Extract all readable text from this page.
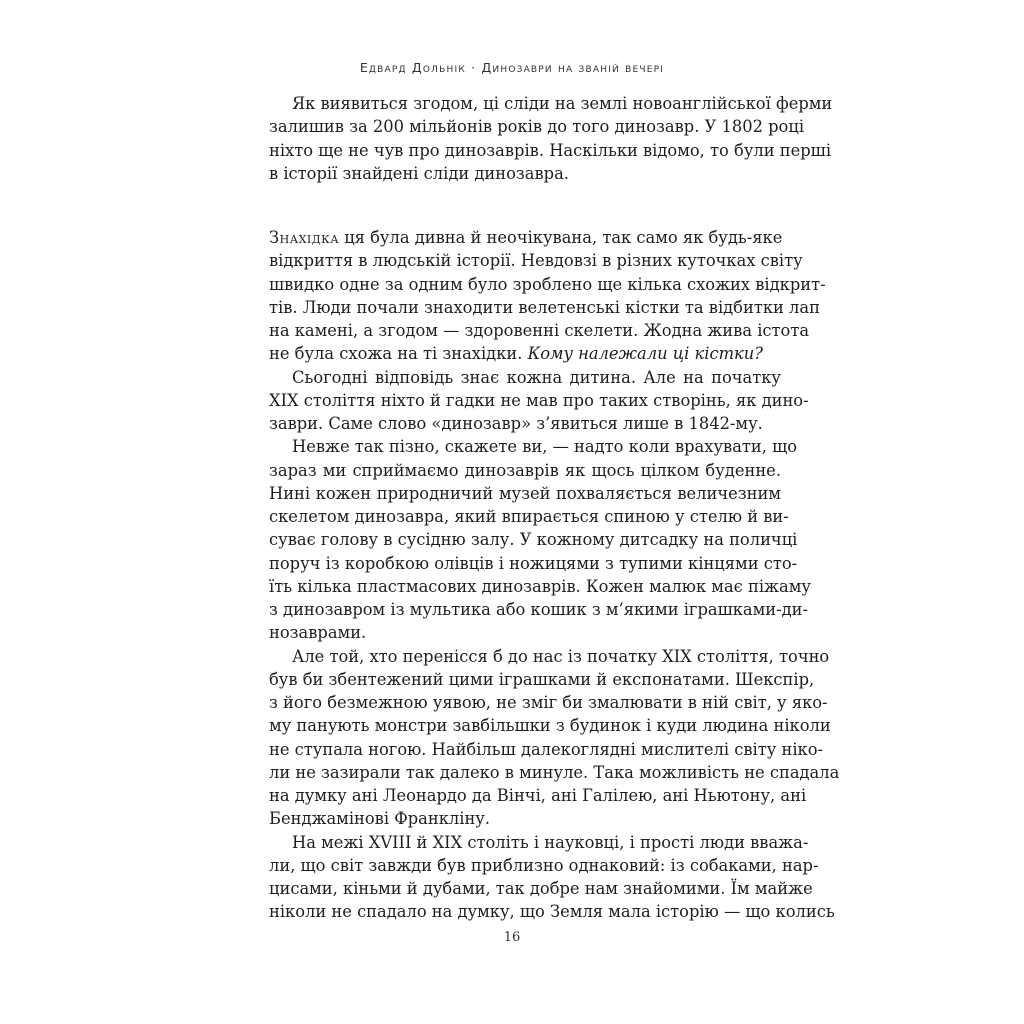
Едвард Дольнік · Динозаври на званій вечері
Як виявиться згодом, ці сліди на землі новоанглійської ферми
залишив за 200 мільйонів років до того динозавр. У 1802 році
ніхто ще не чув про динозаврів. Наскільки відомо, то були перші
в історії знайдені сліди динозавра.
Знахідка ця була дивна й неочікувана, так само як будь-яке
відкриття в людській історії. Невдовзі в різних куточках світу
швидко одне за одним було зроблено ще кілька схожих відкрит-
тів. Люди почали знаходити велетенські кістки та відбитки лап
на камені, а згодом — здоровенні скелети. Жодна жива істота
не була схожа на ті знахідки. Кому належали ці кістки?
Сьогодні відповідь знає кожна дитина. Але на початку
XIX століття ніхто й гадки не мав про таких створінь, як дино-
заври. Саме слово «динозавр» з’явиться лише в 1842-му.
Невже так пізно, скажете ви, — надто коли врахувати, що
зараз ми сприймаємо динозаврів як щось цілком буденне.
Нині кожен природничий музей похваляється величезним
скелетом динозавра, який впирається спиною у стелю й ви-
суває голову в сусідню залу. У кожному дитсадку на поличці
поруч із коробкою олівців і ножицями з тупими кінцями сто-
їть кілька пластмасових динозаврів. Кожен малюк має піжаму
з динозавром із мультика або кошик з м’якими іграшками-ди-
нозаврами.
Але той, хто перенісся б до нас із початку XIX століття, точно
був би збентежений цими іграшками й експонатами. Шекспір,
з його безмежною уявою, не зміг би змалювати в ній світ, у яко-
му панують монстри завбільшки з будинок і куди людина ніколи
не ступала ногою. Найбільш далекоглядні мислителі світу ніко-
ли не зазирали так далеко в минуле. Така можливість не спадала
на думку ані Леонардо да Вінчі, ані Галілею, ані Ньютону, ані
Бенджамінові Франкліну.
На межі XVIII й XIX століть і науковці, і прості люди вважа-
ли, що світ завжди був приблизно однаковий: із собаками, нар-
цисами, кіньми й дубами, так добре нам знайомими. Їм майже
ніколи не спадало на думку, що Земля мала історію — що колись
16
